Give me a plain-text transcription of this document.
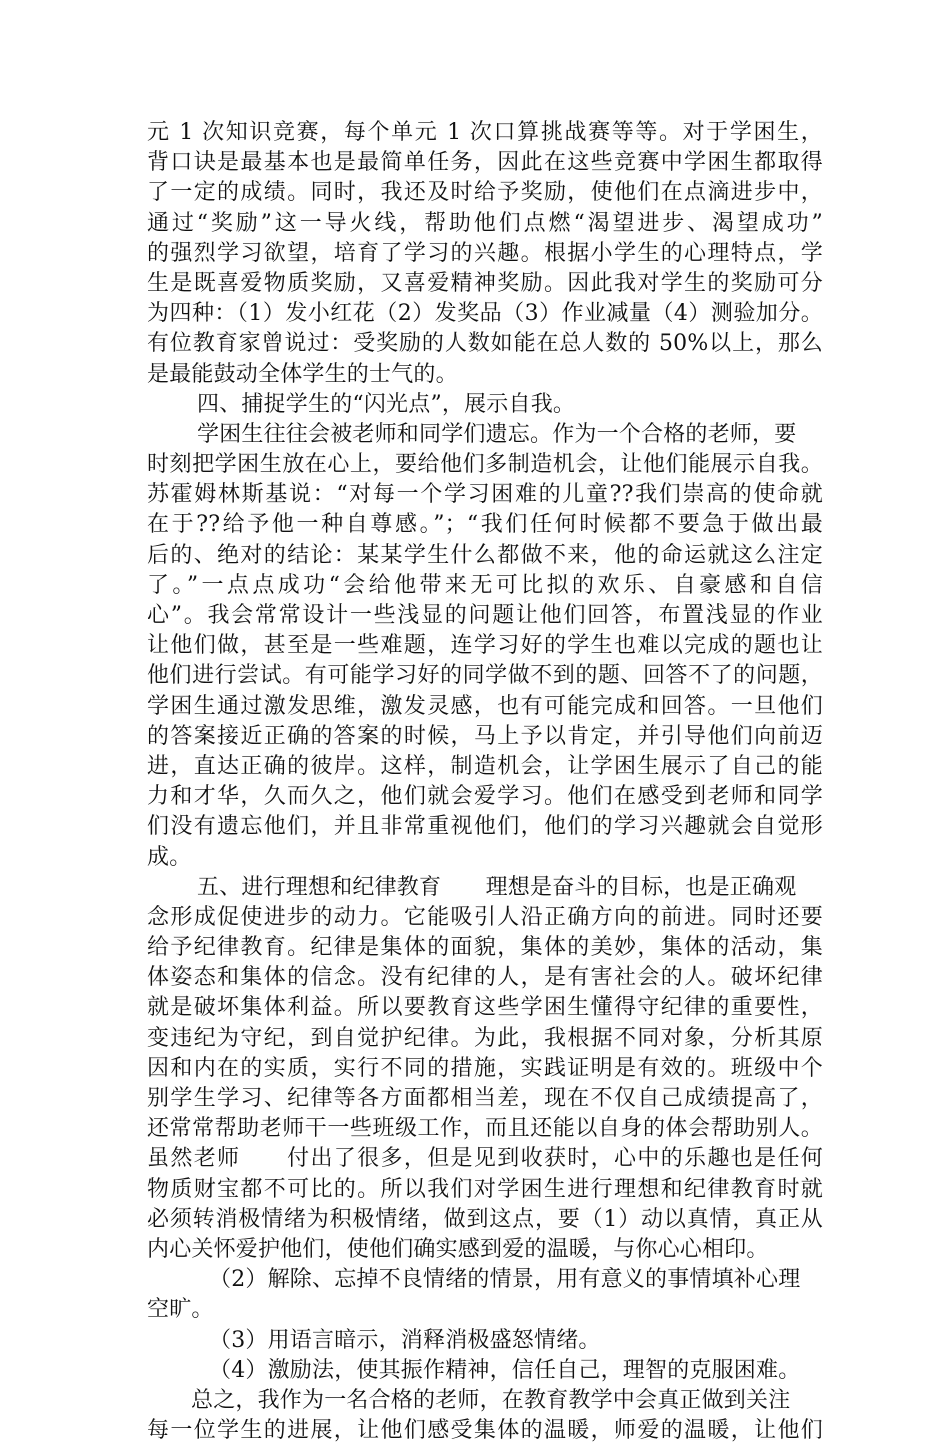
元 1 次知识竞赛，每个单元 1 次口算挑战赛等等。对于学困生，
背口诀是最基本也是最简单任务，因此在这些竞赛中学困生都取得
了一定的成绩。同时，我还及时给予奖励，使他们在点滴进步中，
通过“奖励”这一导火线，帮助他们点燃“渴望进步、渴望成功”
的强烈学习欲望，培育了学习的兴趣。根据小学生的心理特点，学
生是既喜爱物质奖励，又喜爱精神奖励。因此我对学生的奖励可分
为四种：（1）发小红花（2）发奖品（3）作业减量（4）测验加分。
有位教育家曾说过：受奖励的人数如能在总人数的 50%以上，那么
是最能鼓动全体学生的士气的。
四、捕捉学生的“闪光点”，展示自我。
学困生往往会被老师和同学们遗忘。作为一个合格的老师，要
时刻把学困生放在心上，要给他们多制造机会，让他们能展示自我。
苏霍姆林斯基说：“对每一个学习困难的儿童??我们崇高的使命就
在于??给予他一种自尊感。”；“我们任何时候都不要急于做出最
后的、绝对的结论：某某学生什么都做不来，他的命运就这么注定
了。”一点点成功“会给他带来无可比拟的欢乐、自豪感和自信
心”。我会常常设计一些浅显的问题让他们回答，布置浅显的作业
让他们做，甚至是一些难题，连学习好的学生也难以完成的题也让
他们进行尝试。有可能学习好的同学做不到的题、回答不了的问题，
学困生通过激发思维，激发灵感，也有可能完成和回答。一旦他们
的答案接近正确的答案的时候，马上予以肯定，并引导他们向前迈
进，直达正确的彼岸。这样，制造机会，让学困生展示了自己的能
力和才华，久而久之，他们就会爱学习。他们在感受到老师和同学
们没有遗忘他们，并且非常重视他们，他们的学习兴趣就会自觉形
成。
五、进行理想和纪律教育　　理想是奋斗的目标，也是正确观
念形成促使进步的动力。它能吸引人沿正确方向的前进。同时还要
给予纪律教育。纪律是集体的面貌，集体的美妙，集体的活动，集
体姿态和集体的信念。没有纪律的人，是有害社会的人。破坏纪律
就是破坏集体利益。所以要教育这些学困生懂得守纪律的重要性，
变违纪为守纪，到自觉护纪律。为此，我根据不同对象，分析其原
因和内在的实质，实行不同的措施，实践证明是有效的。班级中个
别学生学习、纪律等各方面都相当差，现在不仅自己成绩提高了，
还常常帮助老师干一些班级工作，而且还能以自身的体会帮助别人。
虽然老师　　付出了很多，但是见到收获时，心中的乐趣也是任何
物质财宝都不可比的。所以我们对学困生进行理想和纪律教育时就
必须转消极情绪为积极情绪，做到这点，要（1）动以真情，真正从
内心关怀爱护他们，使他们确实感到爱的温暖，与你心心相印。
（2）解除、忘掉不良情绪的情景，用有意义的事情填补心理
空旷。
（3）用语言暗示，消释消极盛怒情绪。
（4）激励法，使其振作精神，信任自己，理智的克服困难。
总之，我作为一名合格的老师，在教育教学中会真正做到关注
每一位学生的进展，让他们感受集体的温暖，师爱的温暖，让他们
